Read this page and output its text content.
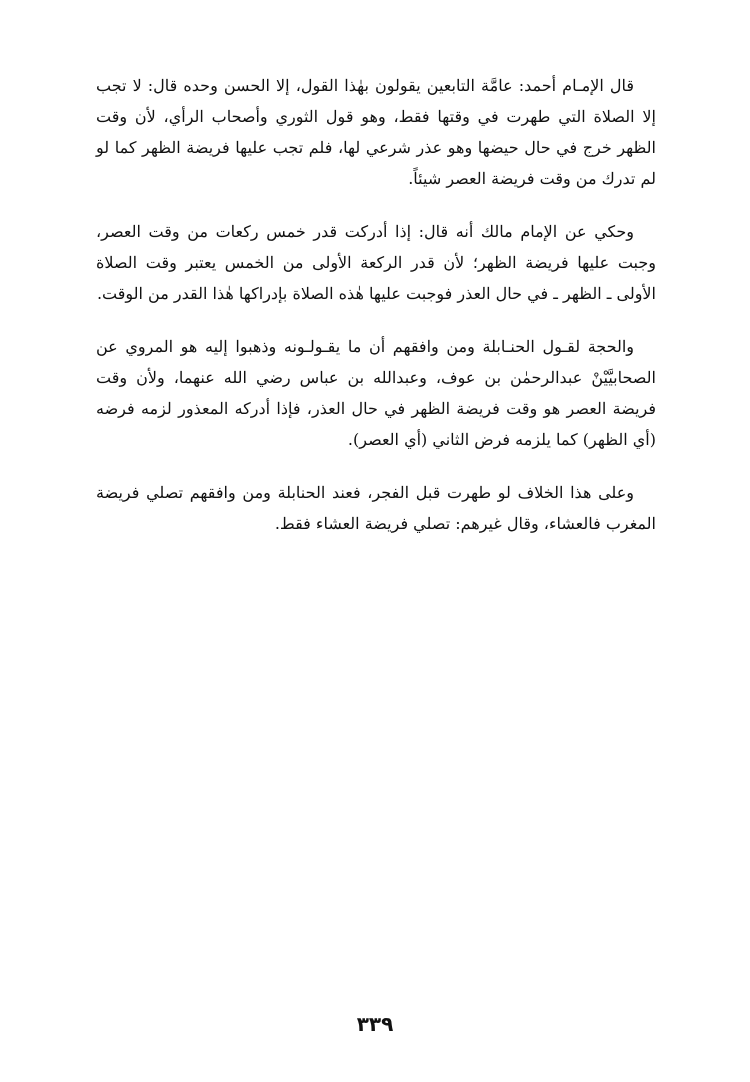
قال الإمـام أحمد: عامَّة التابعين يقولون بهٰذا القول، إلا الحسن وحده قال: لا تجب إلا الصلاة التي طهرت في وقتها فقط، وهو قول الثوري وأصحاب الرأي، لأن وقت الظهر خرج في حال حيضها وهو عذر شرعي لها، فلم تجب عليها فريضة الظهر كما لو لم تدرك من وقت فريضة العصر شيئاً.

وحكي عن الإمام مالك أنه قال: إذا أدركت قدر خمس ركعات من وقت العصر، وجبت عليها فريضة الظهر؛ لأن قدر الركعة الأولى من الخمس يعتبر وقت الصلاة الأولى ـ الظهر ـ في حال العذر فوجبت عليها هٰذه الصلاة بإدراكها هٰذا القدر من الوقت.

والحجة لقـول الحنـابلة ومن وافقهم أن ما يقـولـونه وذهبوا إليه هو المروي عن الصحابيَّيْنْ عبدالرحمٰن بن عوف، وعبدالله بن عباس رضي الله عنهما، ولأن وقت فريضة العصر هو وقت فريضة الظهر في حال العذر، فإذا أدركه المعذور لزمه فرضه (أي الظهر) كما يلزمه فرض الثاني (أي العصر).

وعلى هذا الخلاف لو طهرت قبل الفجر، فعند الحنابلة ومن وافقهم تصلي فريضة المغرب فالعشاء، وقال غيرهم: تصلي فريضة العشاء فقط.

٣٣٩
